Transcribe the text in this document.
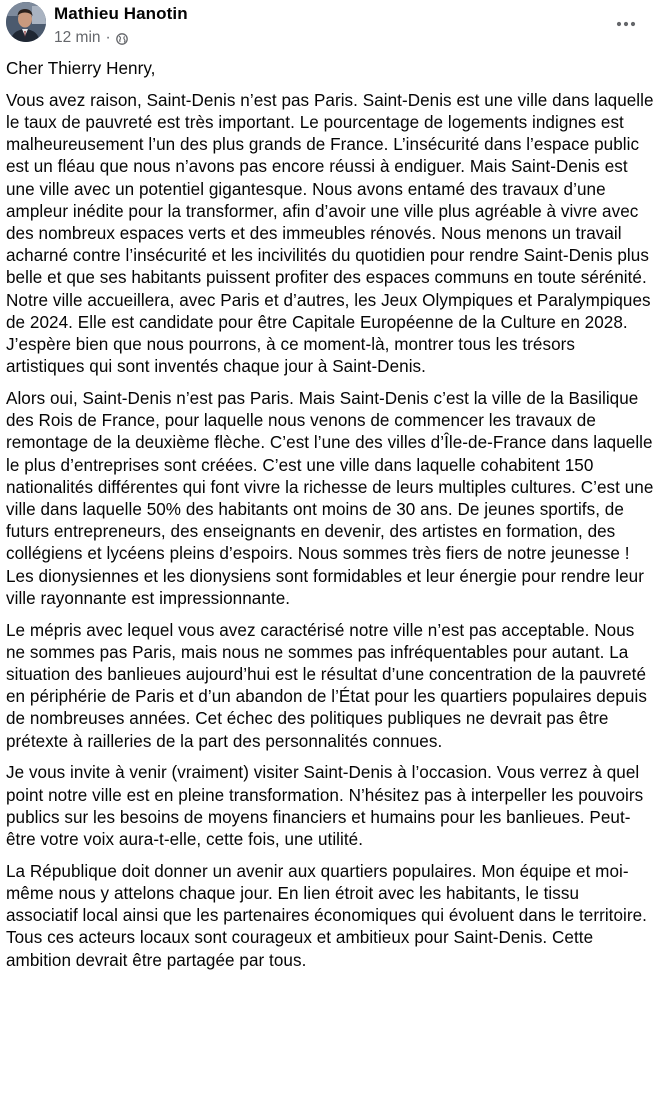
Mathieu Hanotin
12 min ·

Cher Thierry Henry,

Vous avez raison, Saint-Denis n’est pas Paris. Saint-Denis est une ville dans laquelle le taux de pauvreté est très important. Le pourcentage de logements indignes est malheureusement l’un des plus grands de France. L’insécurité dans l’espace public est un fléau que nous n’avons pas encore réussi à endiguer. Mais Saint-Denis est une ville avec un potentiel gigantesque. Nous avons entamé des travaux d’une ampleur inédite pour la transformer, afin d’avoir une ville plus agréable à vivre avec des nombreux espaces verts et des immeubles rénovés. Nous menons un travail acharné contre l’insécurité et les incivilités du quotidien pour rendre Saint-Denis plus belle et que ses habitants puissent profiter des espaces communs en toute sérénité. Notre ville accueillera, avec Paris et d’autres, les Jeux Olympiques et Paralympiques de 2024. Elle est candidate pour être Capitale Européenne de la Culture en 2028. J’espère bien que nous pourrons, à ce moment-là, montrer tous les trésors artistiques qui sont inventés chaque jour à Saint-Denis.

Alors oui, Saint-Denis n’est pas Paris. Mais Saint-Denis c’est la ville de la Basilique des Rois de France, pour laquelle nous venons de commencer les travaux de remontage de la deuxième flèche. C’est l’une des villes d’Île-de-France dans laquelle le plus d’entreprises sont créées. C’est une ville dans laquelle cohabitent 150 nationalités différentes qui font vivre la richesse de leurs multiples cultures. C’est une ville dans laquelle 50% des habitants ont moins de 30 ans. De jeunes sportifs, de futurs entrepreneurs, des enseignants en devenir, des artistes en formation, des collégiens et lycéens pleins d’espoirs. Nous sommes très fiers de notre jeunesse ! Les dionysiennes et les dionysiens sont formidables et leur énergie pour rendre leur ville rayonnante est impressionnante.

Le mépris avec lequel vous avez caractérisé notre ville n’est pas acceptable. Nous ne sommes pas Paris, mais nous ne sommes pas infréquentables pour autant. La situation des banlieues aujourd’hui est le résultat d’une concentration de la pauvreté en périphérie de Paris et d’un abandon de l’État pour les quartiers populaires depuis de nombreuses années. Cet échec des politiques publiques ne devrait pas être prétexte à railleries de la part des personnalités connues.

Je vous invite à venir (vraiment) visiter Saint-Denis à l’occasion. Vous verrez à quel point notre ville est en pleine transformation. N’hésitez pas à interpeller les pouvoirs publics sur les besoins de moyens financiers et humains pour les banlieues. Peut-être votre voix aura-t-elle, cette fois, une utilité.

La République doit donner un avenir aux quartiers populaires. Mon équipe et moi-même nous y attelons chaque jour. En lien étroit avec les habitants, le tissu associatif local ainsi que les partenaires économiques qui évoluent dans le territoire. Tous ces acteurs locaux sont courageux et ambitieux pour Saint-Denis. Cette ambition devrait être partagée par tous.
